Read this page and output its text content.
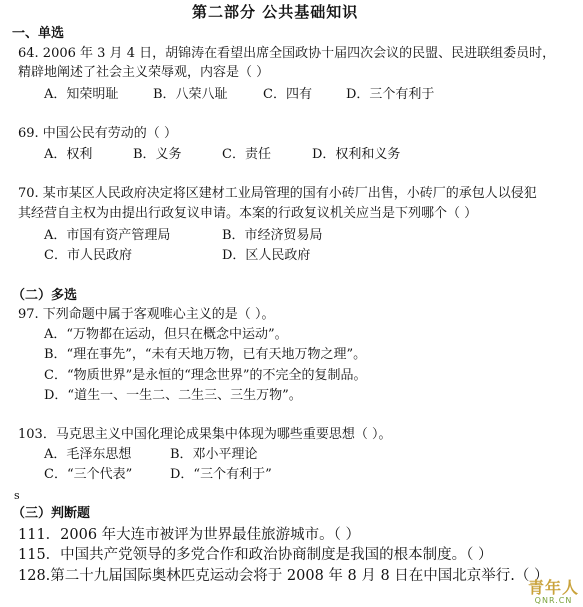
第二部分 公共基础知识
一、单选
64. 2006 年 3 月 4 日，胡锦涛在看望出席全国政协十届四次会议的民盟、民进联组委员时，
精辟地阐述了社会主义荣辱观，内容是（ ）
A．知荣明耻	B．八荣八耻	C．四有	D．三个有利于
69. 中国公民有劳动的（ ）
A．权利	B．义务	C．责任	D．权利和义务
70. 某市某区人民政府决定将区建材工业局管理的国有小砖厂出售，小砖厂的承包人以侵犯
其经营自主权为由提出行政复议申请。本案的行政复议机关应当是下列哪个（ ）
A．市国有资产管理局	B．市经济贸易局
C．市人民政府	D．区人民政府
（二）多选
97. 下列命题中属于客观唯心主义的是（ ）。
A．“万物都在运动，但只在概念中运动”。
B．“理在事先”，“未有天地万物，已有天地万物之理”。
C．“物质世界”是永恒的“理念世界”的不完全的复制品。
D．“道生一、一生二、二生三、三生万物”。
103．马克思主义中国化理论成果集中体现为哪些重要思想（ ）。
A．毛泽东思想	B．邓小平理论
C．“三个代表”	D．“三个有利于”
s
（三）判断题
111．2006 年大连市被评为世界最佳旅游城市。（ ）
115．中国共产党领导的多党合作和政治协商制度是我国的根本制度。（ ）
128.第二十九届国际奥林匹克运动会将于 2008 年 8 月 8 日在中国北京举行.（ ）
青年人
QNR.CN
